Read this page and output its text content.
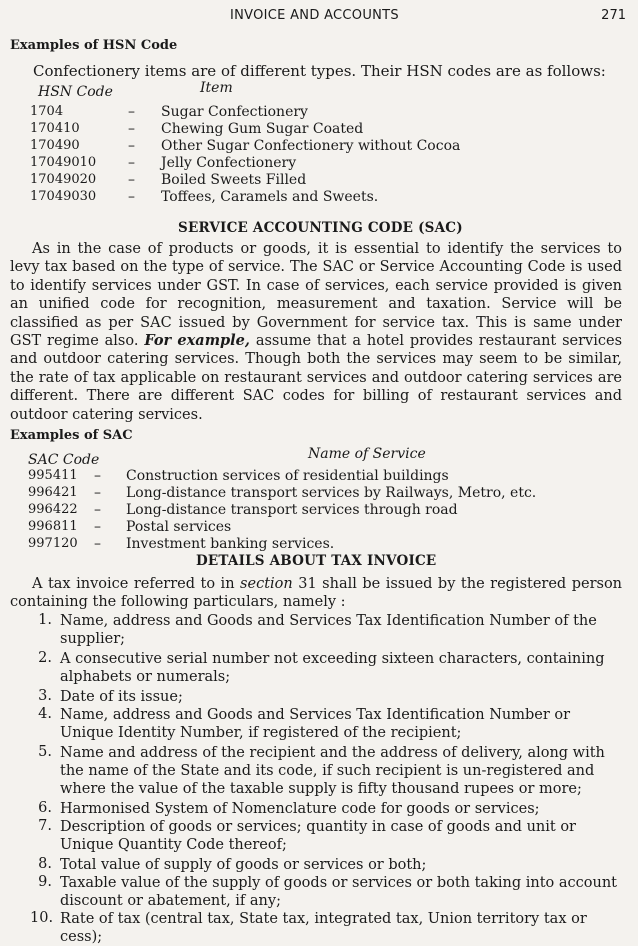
INVOICE AND ACCOUNTS	271
Examples of HSN Code
Confectionery items are of different types. Their HSN codes are as follows:
HSN Code	Item
1704	– Sugar Confectionery
170410	– Chewing Gum Sugar Coated
170490	– Other Sugar Confectionery without Cocoa
17049010 – Jelly Confectionery
17049020 – Boiled Sweets Filled
17049030 – Toffees, Caramels and Sweets.
SERVICE ACCOUNTING CODE (SAC)

As in the case of products or goods, it is essential to identify the services to levy tax based on the type of service. The SAC or Service Accounting Code is used to identify services under GST. In case of services, each service provided is given an unified code for recognition, measurement and taxation. Service will be classified as per SAC issued by Government for service tax. This is same under GST regime also. For example, assume that a hotel provides restaurant services and outdoor catering services. Though both the services may seem to be similar, the rate of tax applicable on restaurant services and outdoor catering services are different. There are different SAC codes for billing of restaurant services and outdoor catering services.

Examples of SAC
SAC Code	Name of Service
995411 – Construction services of residential buildings
996421 – Long-distance transport services by Railways, Metro, etc.
996422 – Long-distance transport services through road
996811 – Postal services
997120 – Investment banking services.
DETAILS ABOUT TAX INVOICE

A tax invoice referred to in section 31 shall be issued by the registered person containing the following particulars, namely :

1. Name, address and Goods and Services Tax Identification Number of the supplier;
2. A consecutive serial number not exceeding sixteen characters, containing alphabets or numerals;
3. Date of its issue;
4. Name, address and Goods and Services Tax Identification Number or Unique Identity Number, if registered of the recipient;
5. Name and address of the recipient and the address of delivery, along with the name of the State and its code, if such recipient is un-registered and where the value of the taxable supply is fifty thousand rupees or more;
6. Harmonised System of Nomenclature code for goods or services;
7. Description of goods or services; quantity in case of goods and unit or Unique Quantity Code thereof;
8. Total value of supply of goods or services or both;
9. Taxable value of the supply of goods or services or both taking into account discount or abatement, if any;
10. Rate of tax (central tax, State tax, integrated tax, Union territory tax or cess);
